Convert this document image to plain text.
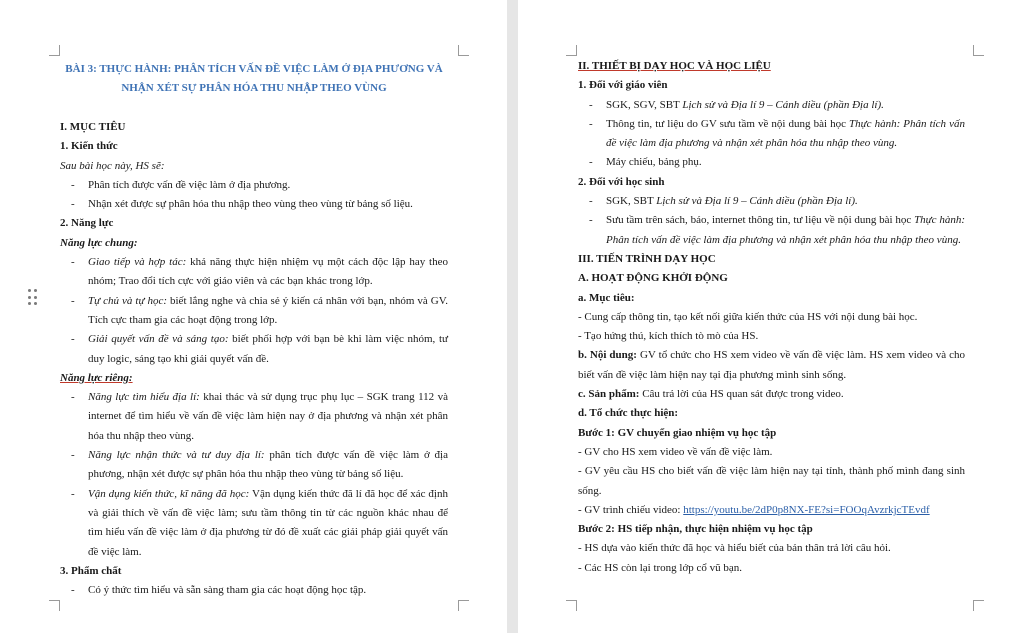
BÀI 3: THỰC HÀNH: PHÂN TÍCH VẤN ĐỀ VIỆC LÀM Ở ĐỊA PHƯƠNG VÀ NHẬN XÉT SỰ PHÂN HÓA THU NHẬP THEO VÙNG
I. MỤC TIÊU
1. Kiến thức
Sau bài học này, HS sẽ:
- Phân tích được vấn đề việc làm ở địa phương.
- Nhận xét được sự phân hóa thu nhập theo vùng theo vùng từ bảng số liệu.
2. Năng lực
Năng lực chung:
- Giao tiếp và hợp tác: khả năng thực hiện nhiệm vụ một cách độc lập hay theo nhóm; Trao đổi tích cực với giáo viên và các bạn khác trong lớp.
- Tự chủ và tự học: biết lắng nghe và chia sẻ ý kiến cá nhân với bạn, nhóm và GV. Tích cực tham gia các hoạt động trong lớp.
- Giải quyết vấn đề và sáng tạo: biết phối hợp với bạn bè khi làm việc nhóm, tư duy logic, sáng tạo khi giải quyết vấn đề.
Năng lực riêng:
- Năng lực tìm hiểu địa lí: khai thác và sử dụng trục phụ lục – SGK trang 112 và internet để tìm hiểu về vấn đề việc làm hiện nay ở địa phương và nhận xét phân hóa thu nhập theo vùng.
- Năng lực nhận thức và tư duy địa lí: phân tích được vấn đề việc làm ở địa phương, nhận xét được sự phân hóa thu nhập theo vùng từ bảng số liệu.
- Vận dụng kiến thức, kĩ năng đã học: Vận dụng kiến thức đã lí đã học để xác định và giải thích về vấn đề việc làm; sưu tầm thông tin từ các nguồn khác nhau để tìm hiểu vấn đề việc làm ở địa phương từ đó đề xuất các giải pháp giải quyết vấn đề việc làm.
3. Phẩm chất
- Có ý thức tìm hiểu và sẵn sàng tham gia các hoạt động học tập.
II. THIẾT BỊ DẠY HỌC VÀ HỌC LIỆU
1. Đối với giáo viên
- SGK, SGV, SBT Lịch sử và Địa lí 9 – Cánh diều (phần Địa lí).
- Thông tin, tư liệu do GV sưu tầm về nội dung bài học Thực hành: Phân tích vấn đề việc làm địa phương và nhận xét phân hóa thu nhập theo vùng.
- Máy chiếu, bảng phụ.
2. Đối với học sinh
- SGK, SBT Lịch sử và Địa lí 9 – Cánh diều (phần Địa lí).
- Sưu tầm trên sách, báo, internet thông tin, tư liệu về nội dung bài học Thực hành: Phân tích vấn đề việc làm địa phương và nhận xét phân hóa thu nhập theo vùng.
III. TIẾN TRÌNH DẠY HỌC
A. HOẠT ĐỘNG KHỞI ĐỘNG
a. Mục tiêu:
- Cung cấp thông tin, tạo kết nối giữa kiến thức của HS với nội dung bài học.
- Tạo hứng thú, kích thích tò mò của HS.
b. Nội dung: GV tổ chức cho HS xem video về vấn đề việc làm. HS xem video và cho biết vấn đề việc làm hiện nay tại địa phương mình sinh sống.
c. Sản phẩm: Câu trả lời của HS quan sát được trong video.
d. Tổ chức thực hiện:
Bước 1: GV chuyển giao nhiệm vụ học tập
- GV cho HS xem video về vấn đề việc làm.
- GV yêu cầu HS cho biết vấn đề việc làm hiện nay tại tỉnh, thành phố mình đang sinh sống.
- GV trình chiếu video: https://youtu.be/2dP0p8NX-FE?si=FOOqAvzrkjcTEvdf
Bước 2: HS tiếp nhận, thực hiện nhiệm vụ học tập
- HS dựa vào kiến thức đã học và hiểu biết của bản thân trả lời câu hỏi.
- Các HS còn lại trong lớp cổ vũ bạn.
